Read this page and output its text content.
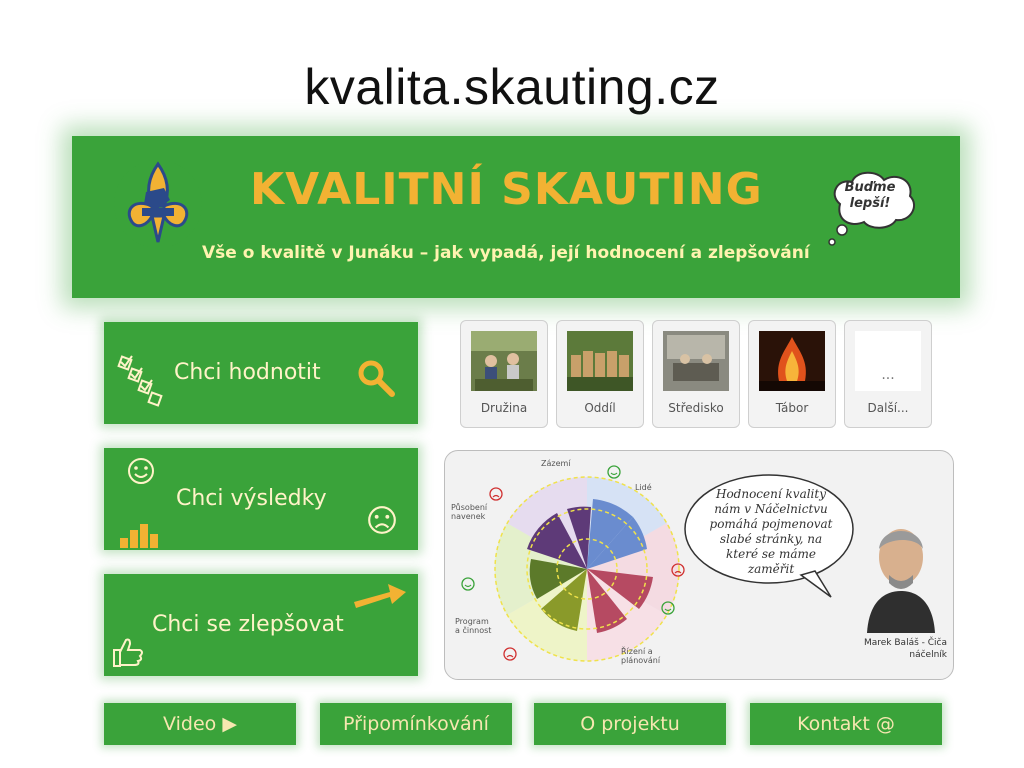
kvalita.skauting.cz
KVALITNÍ SKAUTING
Vše o kvalitě v Junáku – jak vypadá, její hodnocení a zlepšování
Buďme
lepší!
Chci hodnotit
Chci výsledky
Chci se zlepšovat
Družina	Oddíl	Středisko	Tábor
...
Další...
Zázemí
Lidé
Působení navenek
Program a činnost
Řízení a plánování
Hodnocení kvality nám v Náčelnictvu pomáhá pojmenovat slabé stránky, na které se máme zaměřit
Marek Baláš - Čiča
náčelník
Video ▶	Připomínkování	O projektu	Kontakt @
